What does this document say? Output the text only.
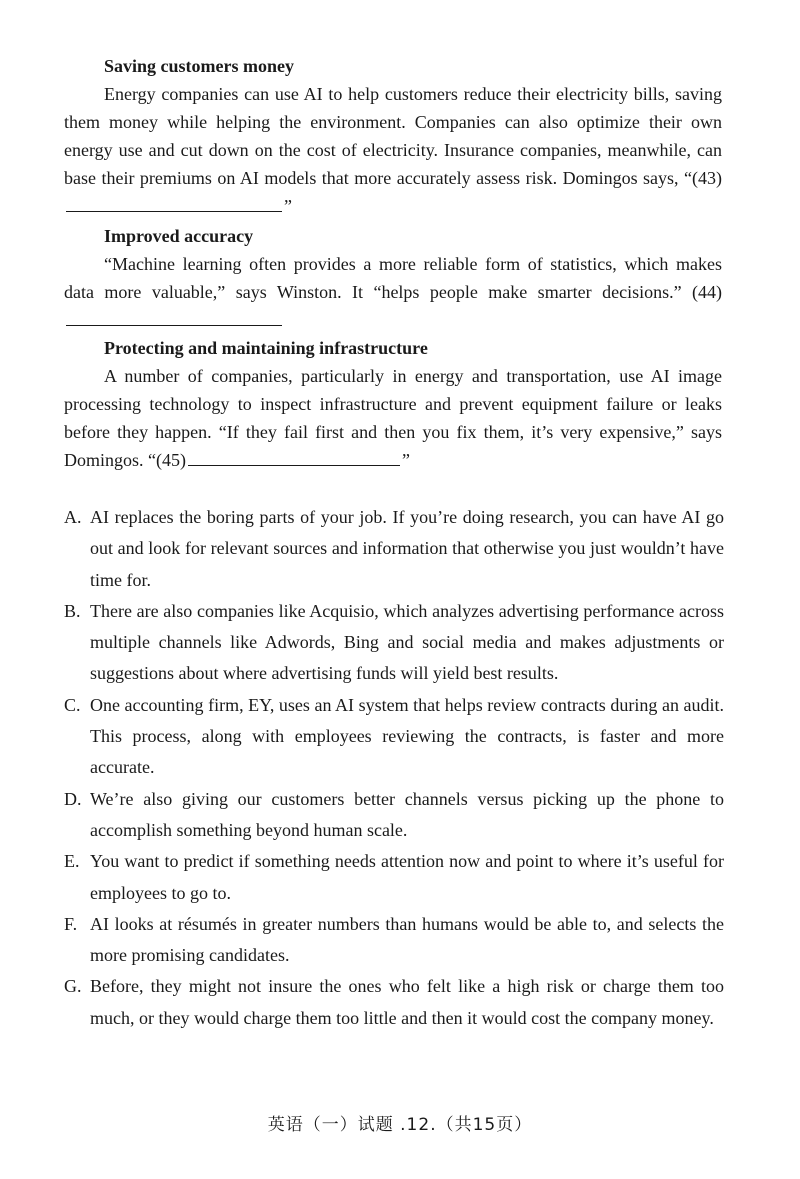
Saving customers money

Energy companies can use AI to help customers reduce their electricity bills, saving them money while helping the environment. Companies can also optimize their own energy use and cut down on the cost of electricity. Insurance companies, meanwhile, can base their premiums on AI models that more accurately assess risk. Domingos says, “(43)”

Improved accuracy

“Machine learning often provides a more reliable form of statistics, which makes data more valuable,” says Winston. It “helps people make smarter decisions.” (44)

Protecting and maintaining infrastructure

A number of companies, particularly in energy and transportation, use AI image processing technology to inspect infrastructure and prevent equipment failure or leaks before they happen. “If they fail first and then you fix them, it’s very expensive,” says Domingos. “(45)	”

A. AI replaces the boring parts of your job. If you’re doing research, you can have AI go out and look for relevant sources and information that otherwise you just wouldn’t have time for.
B. There are also companies like Acquisio, which analyzes advertising performance across multiple channels like Adwords, Bing and social media and makes adjustments or suggestions about where advertising funds will yield best results.
C. One accounting firm, EY, uses an AI system that helps review contracts during an audit. This process, along with employees reviewing the contracts, is faster and more accurate.
D. We’re also giving our customers better channels versus picking up the phone to accomplish something beyond human scale.
E. You want to predict if something needs attention now and point to where it’s useful for employees to go to.
F. AI looks at résumés in greater numbers than humans would be able to, and selects the more promising candidates.
G. Before, they might not insure the ones who felt like a high risk or charge them too much, or they would charge them too little and then it would cost the company money.
英语（一）试题 .12.（共15页）
